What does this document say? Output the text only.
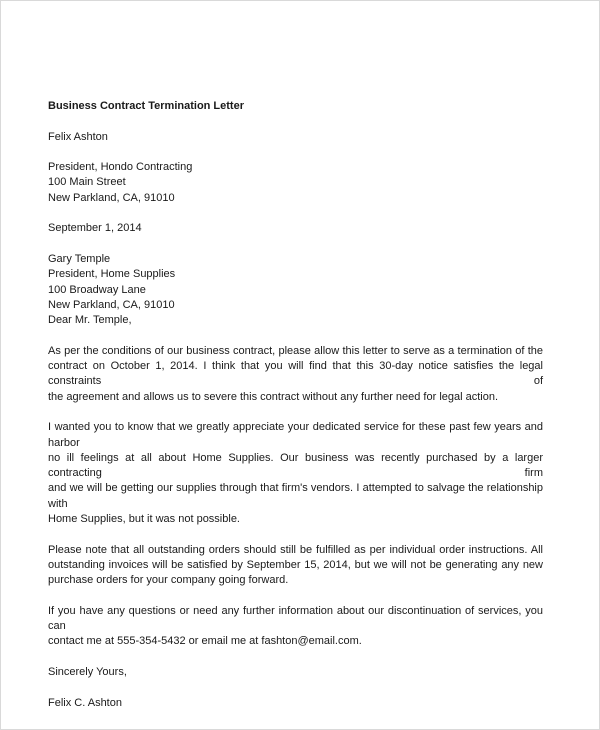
Business Contract Termination Letter

Felix Ashton
President, Hondo Contracting
100 Main Street
New Parkland, CA, 91010
September 1, 2014
Gary Temple
President, Home Supplies
100 Broadway Lane
New Parkland, CA, 91010
Dear Mr. Temple,
As per the conditions of our business contract, please allow this letter to serve as a termination of the
contract on October 1, 2014. I think that you will find that this 30-day notice satisfies the legal constraints of
the agreement and allows us to severe this contract without any further need for legal action.
I wanted you to know that we greatly appreciate your dedicated service for these past few years and harbor
no ill feelings at all about Home Supplies. Our business was recently purchased by a larger contracting firm
and we will be getting our supplies through that firm's vendors. I attempted to salvage the relationship with
Home Supplies, but it was not possible.
Please note that all outstanding orders should still be fulfilled as per individual order instructions. All
outstanding invoices will be satisfied by September 15, 2014, but we will not be generating any new
purchase orders for your company going forward.
If you have any questions or need any further information about our discontinuation of services, you can
contact me at 555-354-5432 or email me at fashton@email.com.
Sincerely Yours,
Felix C. Ashton
